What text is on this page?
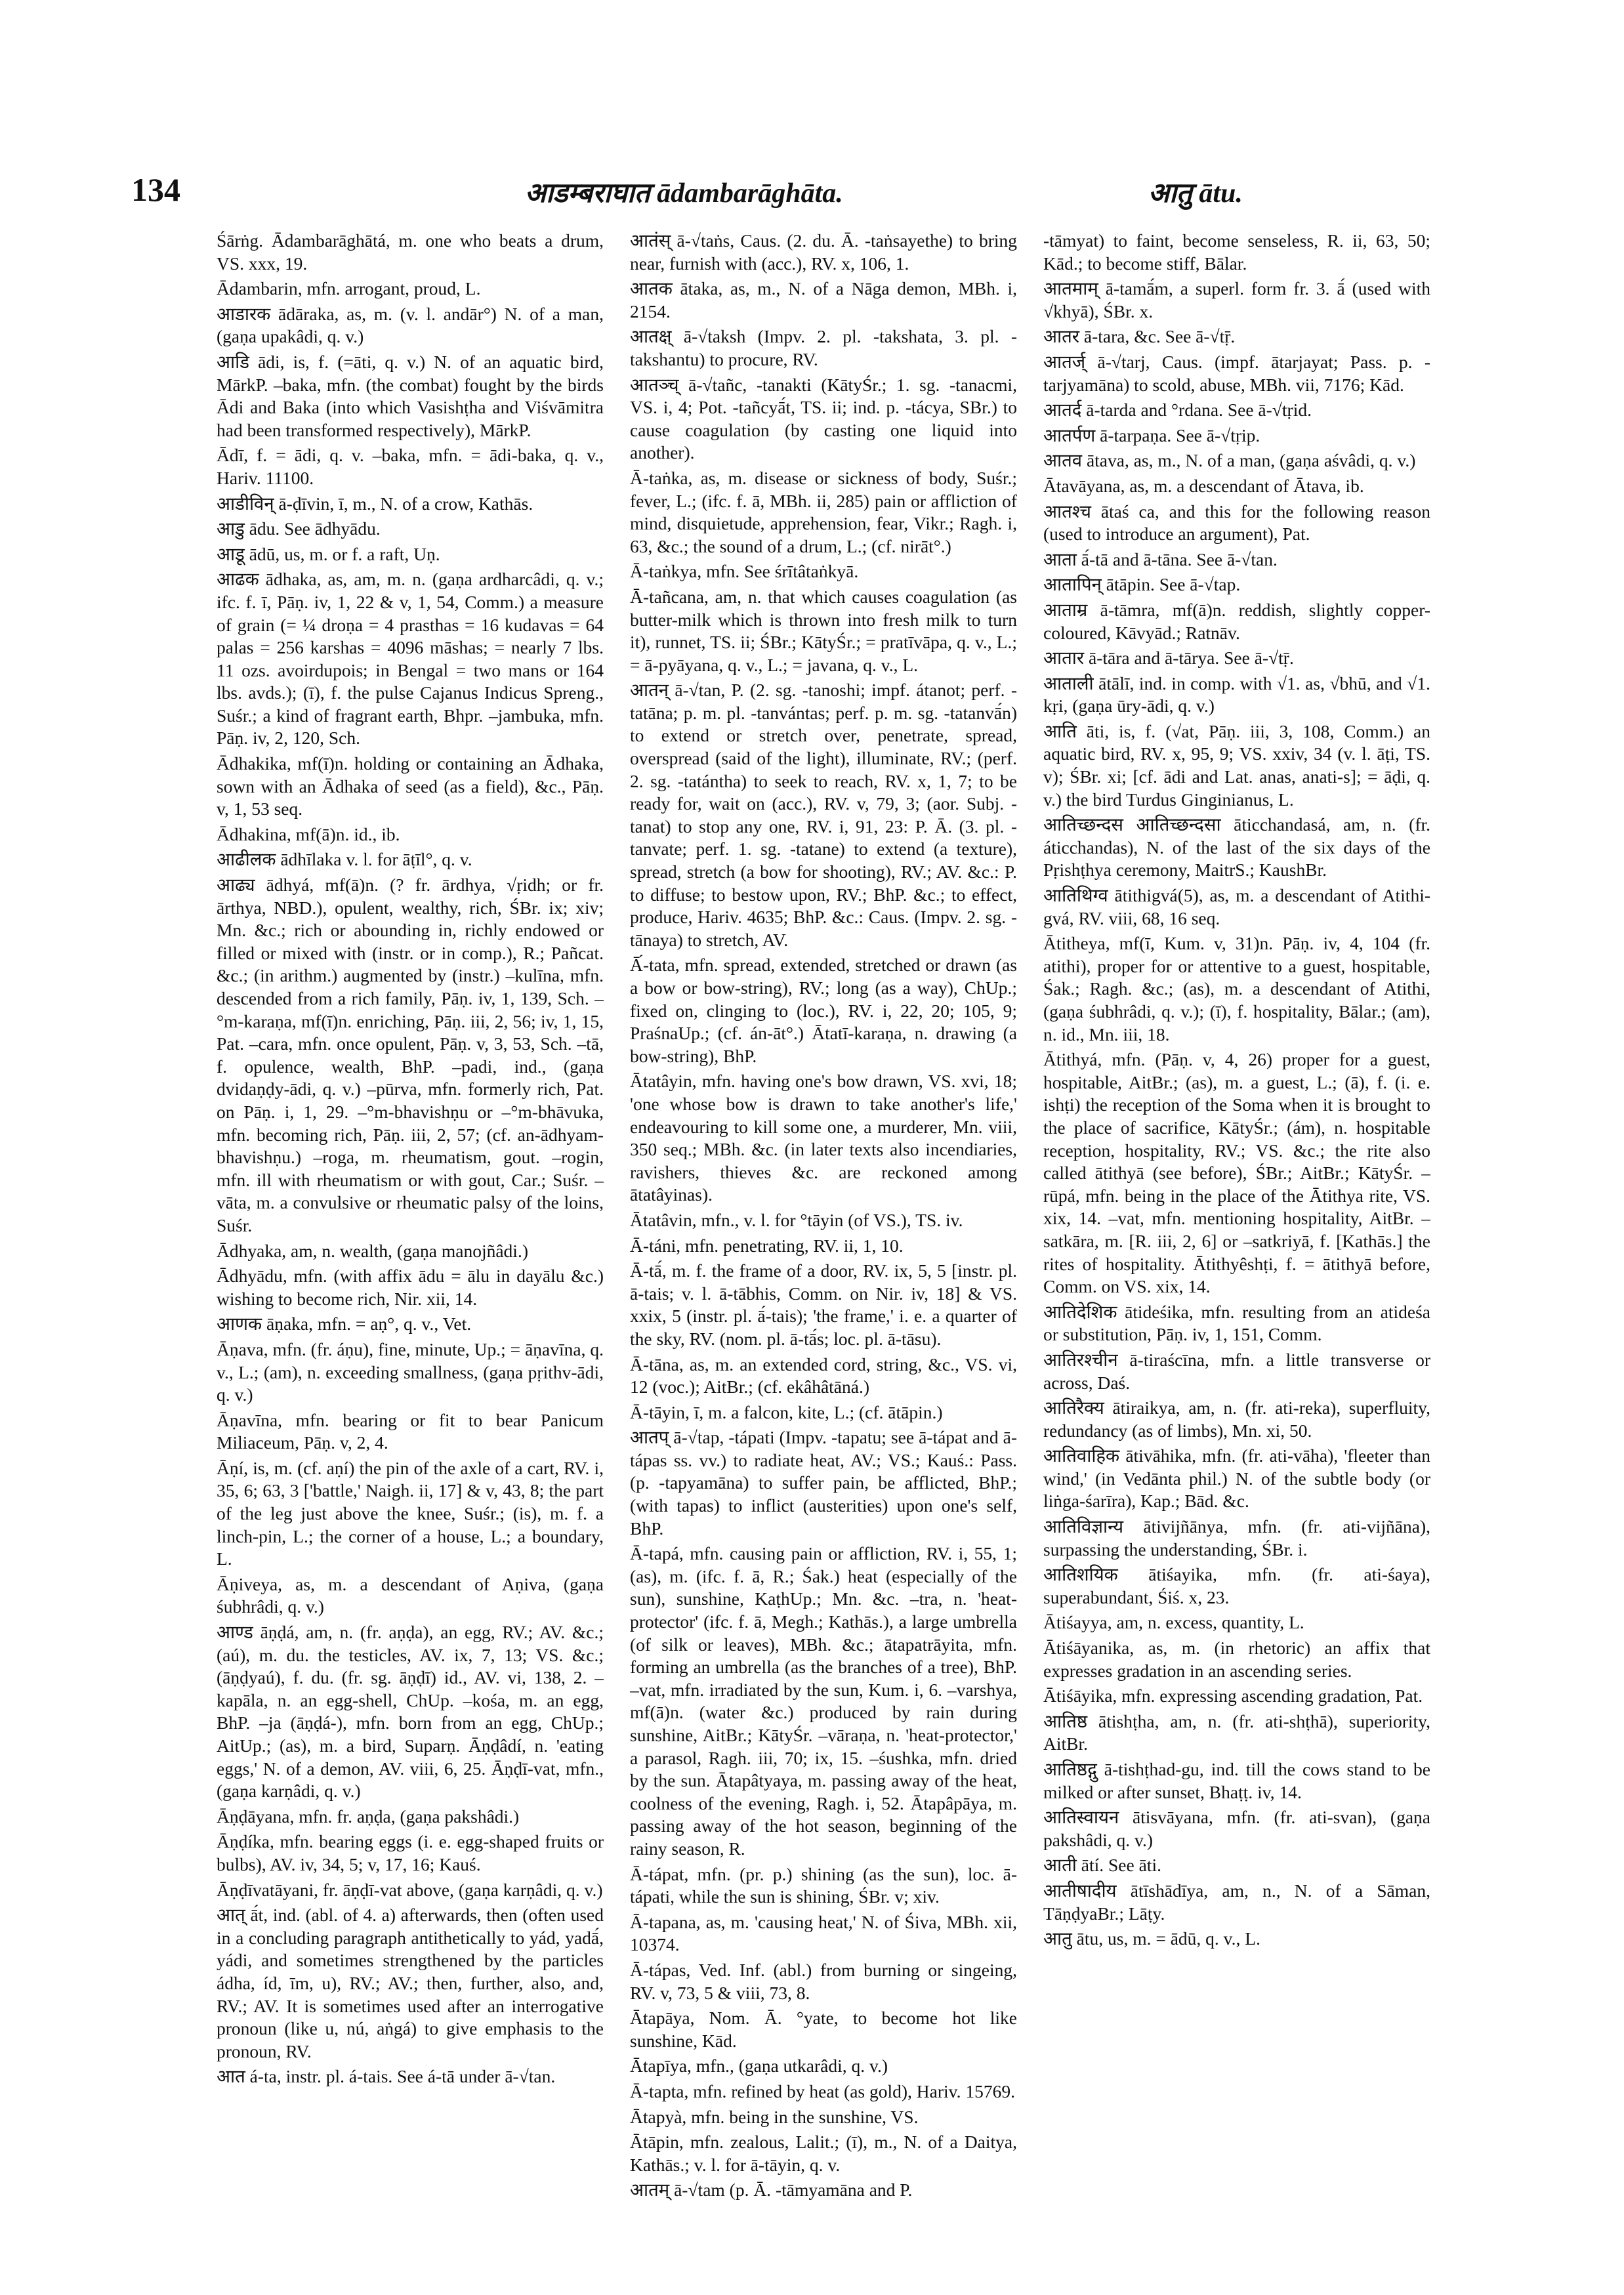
134	आडम्बराघात ādambarāghāta.	आतु ātu.

Śārṅg. Ādambarāghātá, m. one who beats a drum, VS. xxx, 19.

Ādambarin, mfn. arrogant, proud, L.

आडारक ādāraka, as, m. (v. l. andār°) N. of a man, (gaṇa upakâdi, q. v.)

आडि ādi, is, f. (=āti, q. v.) N. of an aquatic bird, MārkP. –baka, mfn. (the combat) fought by the birds Ādi and Baka (into which Vasishṭha and Viśvāmitra had been transformed respectively), MārkP.

Ādī, f. = ādi, q. v. –baka, mfn. = ādi-baka, q. v., Hariv. 11100.

आडीविन् ā-ḍīvin, ī, m., N. of a crow, Kathās.

आडु ādu. See ādhyādu.

आडू ādū, us, m. or f. a raft, Uṇ.

आढक ādhaka, as, am, m. n. (gaṇa ardharcâdi, q. v.; ifc. f. ī, Pāṇ. iv, 1, 22 & v, 1, 54, Comm.) a measure of grain (= ¼ droṇa = 4 prasthas = 16 kudavas = 64 palas = 256 karshas = 4096 māshas; = nearly 7 lbs. 11 ozs. avoirdupois; in Bengal = two mans or 164 lbs. avds.); (ī), f. the pulse Cajanus Indicus Spreng., Suśr.; a kind of fragrant earth, Bhpr. –jambuka, mfn. Pāṇ. iv, 2, 120, Sch.

Ādhakika, mf(ī)n. holding or containing an Ādhaka, sown with an Ādhaka of seed (as a field), &c., Pāṇ. v, 1, 53 seq.

Ādhakina, mf(ā)n. id., ib.

आढीलक ādhīlaka v. l. for āṭīl°, q. v.

आढ्य ādhyá, mf(ā)n. (? fr. ārdhya, √ṛidh; or fr. ārthya, NBD.), opulent, wealthy, rich, ŚBr. ix; xiv; Mn. &c.; rich or abounding in, richly endowed or filled or mixed with (instr. or in comp.), R.; Pañcat. &c.; (in arithm.) augmented by (instr.) –kulīna, mfn. descended from a rich family, Pāṇ. iv, 1, 139, Sch. –°m-karaṇa, mf(ī)n. enriching, Pāṇ. iii, 2, 56; iv, 1, 15, Pat. –cara, mfn. once opulent, Pāṇ. v, 3, 53, Sch. –tā, f. opulence, wealth, BhP. –padi, ind., (gaṇa dvidaṇḍy-ādi, q. v.) –pūrva, mfn. formerly rich, Pat. on Pāṇ. i, 1, 29. –°m-bhavishṇu or –°m-bhāvuka, mfn. becoming rich, Pāṇ. iii, 2, 57; (cf. an-ādhyam-bhavishṇu.) –roga, m. rheumatism, gout. –rogin, mfn. ill with rheumatism or with gout, Car.; Suśr. –vāta, m. a convulsive or rheumatic palsy of the loins, Suśr.

Ādhyaka, am, n. wealth, (gaṇa manojñâdi.)

Ādhyādu, mfn. (with affix ādu = ālu in dayālu &c.) wishing to become rich, Nir. xii, 14.

आणक āṇaka, mfn. = aṇ°, q. v., Vet.

Āṇava, mfn. (fr. áṇu), fine, minute, Up.; = āṇavīna, q. v., L.; (am), n. exceeding smallness, (gaṇa pṛithv-ādi, q. v.)

Āṇavīna, mfn. bearing or fit to bear Panicum Miliaceum, Pāṇ. v, 2, 4.

Āṇí, is, m. (cf. aṇí) the pin of the axle of a cart, RV. i, 35, 6; 63, 3 ['battle,' Naigh. ii, 17] & v, 43, 8; the part of the leg just above the knee, Suśr.; (is), m. f. a linch-pin, L.; the corner of a house, L.; a boundary, L.

Āṇiveya, as, m. a descendant of Aṇiva, (gaṇa śubhrâdi, q. v.)

आण्ड āṇḍá, am, n. (fr. aṇḍa), an egg, RV.; AV. &c.; (aú), m. du. the testicles, AV. ix, 7, 13; VS. &c.; (āṇḍyaú), f. du. (fr. sg. āṇḍī) id., AV. vi, 138, 2. –kapāla, n. an egg-shell, ChUp. –kośa, m. an egg, BhP. –ja (āṇḍá-), mfn. born from an egg, ChUp.; AitUp.; (as), m. a bird, Suparṇ. Āṇḍâdí, n. 'eating eggs,' N. of a demon, AV. viii, 6, 25. Āṇḍī-vat, mfn., (gaṇa karṇâdi, q. v.)

Āṇḍāyana, mfn. fr. aṇḍa, (gaṇa pakshâdi.)

Āṇḍíka, mfn. bearing eggs (i. e. egg-shaped fruits or bulbs), AV. iv, 34, 5; v, 17, 16; Kauś.

Āṇḍīvatāyani, fr. āṇḍī-vat above, (gaṇa karṇâdi, q. v.)

आत् ā́t, ind. (abl. of 4. a) afterwards, then (often used in a concluding paragraph antithetically to yád, yadā́, yádi, and sometimes strengthened by the particles ádha, íd, īm, u), RV.; AV.; then, further, also, and, RV.; AV. It is sometimes used after an interrogative pronoun (like u, nú, aṅgá) to give emphasis to the pronoun, RV.

आत á-ta, instr. pl. á-tais. See á-tā under ā-√tan.

आतंस् ā-√taṅs, Caus. (2. du. Ā. -taṅsayethe) to bring near, furnish with (acc.), RV. x, 106, 1.

आतक ātaka, as, m., N. of a Nāga demon, MBh. i, 2154.

आतक्ष् ā-√taksh (Impv. 2. pl. -takshata, 3. pl. -takshantu) to procure, RV.

आतञ्च् ā-√tañc, -tanakti (KātyŚr.; 1. sg. -tanacmi, VS. i, 4; Pot. -tañcyā́t, TS. ii; ind. p. -tácya, SBr.) to cause coagulation (by casting one liquid into another).

Ā-taṅka, as, m. disease or sickness of body, Suśr.; fever, L.; (ifc. f. ā, MBh. ii, 285) pain or affliction of mind, disquietude, apprehension, fear, Vikr.; Ragh. i, 63, &c.; the sound of a drum, L.; (cf. nirāt°.)

Ā-taṅkya, mfn. See śrītâtaṅkyā.

Ā-tañcana, am, n. that which causes coagulation (as butter-milk which is thrown into fresh milk to turn it), runnet, TS. ii; ŚBr.; KātyŚr.; = pratīvāpa, q. v., L.; = ā-pyāyana, q. v., L.; = javana, q. v., L.

आतन् ā-√tan, P. (2. sg. -tanoshi; impf. átanot; perf. -tatāna; p. m. pl. -tanvántas; perf. p. m. sg. -tatanvā́n) to extend or stretch over, penetrate, spread, overspread (said of the light), illuminate, RV.; (perf. 2. sg. -tatántha) to seek to reach, RV. x, 1, 7; to be ready for, wait on (acc.), RV. v, 79, 3; (aor. Subj. -tanat) to stop any one, RV. i, 91, 23: P. Ā. (3. pl. -tanvate; perf. 1. sg. -tatane) to extend (a texture), spread, stretch (a bow for shooting), RV.; AV. &c.: P. to diffuse; to bestow upon, RV.; BhP. &c.; to effect, produce, Hariv. 4635; BhP. &c.: Caus. (Impv. 2. sg. -tānaya) to stretch, AV.

Ā́-tata, mfn. spread, extended, stretched or drawn (as a bow or bow-string), RV.; long (as a way), ChUp.; fixed on, clinging to (loc.), RV. i, 22, 20; 105, 9; PraśnaUp.; (cf. án-āt°.) Ātatī-karaṇa, n. drawing (a bow-string), BhP.

Ātatâyin, mfn. having one's bow drawn, VS. xvi, 18; 'one whose bow is drawn to take another's life,' endeavouring to kill some one, a murderer, Mn. viii, 350 seq.; MBh. &c. (in later texts also incendiaries, ravishers, thieves &c. are reckoned among ātatâyinas).

Ātatâvin, mfn., v. l. for °tāyin (of VS.), TS. iv.

Ā-táni, mfn. penetrating, RV. ii, 1, 10.

Ā-tā́, m. f. the frame of a door, RV. ix, 5, 5 [instr. pl. ā-tais; v. l. ā-tābhis, Comm. on Nir. iv, 18] & VS. xxix, 5 (instr. pl. ā́-tais); 'the frame,' i. e. a quarter of the sky, RV. (nom. pl. ā-tā́s; loc. pl. ā-tāsu).

Ā-tāna, as, m. an extended cord, string, &c., VS. vi, 12 (voc.); AitBr.; (cf. ekâhâtāná.)

Ā-tāyin, ī, m. a falcon, kite, L.; (cf. ātāpin.)

आतप् ā-√tap, -tápati (Impv. -tapatu; see ā-tápat and ā-tápas ss. vv.) to radiate heat, AV.; VS.; Kauś.: Pass. (p. -tapyamāna) to suffer pain, be afflicted, BhP.; (with tapas) to inflict (austerities) upon one's self, BhP.

Ā-tapá, mfn. causing pain or affliction, RV. i, 55, 1; (as), m. (ifc. f. ā, R.; Śak.) heat (especially of the sun), sunshine, KaṭhUp.; Mn. &c. –tra, n. 'heat-protector' (ifc. f. ā, Megh.; Kathās.), a large umbrella (of silk or leaves), MBh. &c.; ātapatrāyita, mfn. forming an umbrella (as the branches of a tree), BhP. –vat, mfn. irradiated by the sun, Kum. i, 6. –varshya, mf(ā)n. (water &c.) produced by rain during sunshine, AitBr.; KātyŚr. –vāraṇa, n. 'heat-protector,' a parasol, Ragh. iii, 70; ix, 15. –śushka, mfn. dried by the sun. Ātapâtyaya, m. passing away of the heat, coolness of the evening, Ragh. i, 52. Ātapâpāya, m. passing away of the hot season, beginning of the rainy season, R.

Ā-tápat, mfn. (pr. p.) shining (as the sun), loc. ā-tápati, while the sun is shining, ŚBr. v; xiv.

Ā-tapana, as, m. 'causing heat,' N. of Śiva, MBh. xii, 10374.

Ā-tápas, Ved. Inf. (abl.) from burning or singeing, RV. v, 73, 5 & viii, 73, 8.

Ātapāya, Nom. Ā. °yate, to become hot like sunshine, Kād.

Ātapīya, mfn., (gaṇa utkarâdi, q. v.)

Ā-tapta, mfn. refined by heat (as gold), Hariv. 15769.

Ātapyà, mfn. being in the sunshine, VS.

Ātāpin, mfn. zealous, Lalit.; (ī), m., N. of a Daitya, Kathās.; v. l. for ā-tāyin, q. v.

आतम् ā-√tam (p. Ā. -tāmyamāna and P.

-tāmyat) to faint, become senseless, R. ii, 63, 50; Kād.; to become stiff, Bālar.

आतमाम् ā-tamā́m, a superl. form fr. 3. ā́ (used with √khyā), ŚBr. x.

आतर ā-tara, &c. See ā-√tṝ.

आतर्ज् ā-√tarj, Caus. (impf. ātarjayat; Pass. p. -tarjyamāna) to scold, abuse, MBh. vii, 7176; Kād.

आतर्द ā-tarda and °rdana. See ā-√tṛid.

आतर्पण ā-tarpaṇa. See ā-√tṛip.

आतव ātava, as, m., N. of a man, (gaṇa aśvâdi, q. v.)

Ātavāyana, as, m. a descendant of Ātava, ib.

आतश्च ātaś ca, and this for the following reason (used to introduce an argument), Pat.

आता ā́-tā and ā-tāna. See ā-√tan.

आतापिन् ātāpin. See ā-√tap.

आताम्र ā-tāmra, mf(ā)n. reddish, slightly copper-coloured, Kāvyād.; Ratnāv.

आतार ā-tāra and ā-tārya. See ā-√tṝ.

आताली ātālī, ind. in comp. with √1. as, √bhū, and √1. kṛi, (gaṇa ūry-ādi, q. v.)

आति āti, is, f. (√at, Pāṇ. iii, 3, 108, Comm.) an aquatic bird, RV. x, 95, 9; VS. xxiv, 34 (v. l. āṭi, TS. v); ŚBr. xi; [cf. ādi and Lat. anas, anati-s]; = āḍi, q. v.) the bird Turdus Ginginianus, L.

आतिच्छन्दस आतिच्छन्दसा āticchandasá, am, n. (fr. áticchandas), N. of the last of the six days of the Pṛishṭhya ceremony, MaitrS.; KaushBr.

आतिथिग्व ātithigvá(5), as, m. a descendant of Atithi-gvá, RV. viii, 68, 16 seq.

Ātitheya, mf(ī, Kum. v, 31)n. Pāṇ. iv, 4, 104 (fr. atithi), proper for or attentive to a guest, hospitable, Śak.; Ragh. &c.; (as), m. a descendant of Atithi, (gaṇa śubhrâdi, q. v.); (ī), f. hospitality, Bālar.; (am), n. id., Mn. iii, 18.

Ātithyá, mfn. (Pāṇ. v, 4, 26) proper for a guest, hospitable, AitBr.; (as), m. a guest, L.; (ā), f. (i. e. ishṭi) the reception of the Soma when it is brought to the place of sacrifice, KātyŚr.; (ám), n. hospitable reception, hospitality, RV.; VS. &c.; the rite also called ātithyā (see before), ŚBr.; AitBr.; KātyŚr. –rūpá, mfn. being in the place of the Ātithya rite, VS. xix, 14. –vat, mfn. mentioning hospitality, AitBr. –satkāra, m. [R. iii, 2, 6] or –satkriyā, f. [Kathās.] the rites of hospitality. Ātithyêshṭi, f. = ātithyā before, Comm. on VS. xix, 14.

आतिदेशिक ātideśika, mfn. resulting from an atideśa or substitution, Pāṇ. iv, 1, 151, Comm.

आतिरश्चीन ā-tiraścīna, mfn. a little transverse or across, Daś.

आतिरैक्य ātiraikya, am, n. (fr. ati-reka), superfluity, redundancy (as of limbs), Mn. xi, 50.

आतिवाहिक ātivāhika, mfn. (fr. ati-vāha), 'fleeter than wind,' (in Vedānta phil.) N. of the subtle body (or liṅga-śarīra), Kap.; Bād. &c.

आतिविज्ञान्य ātivijñānya, mfn. (fr. ati-vijñāna), surpassing the understanding, ŚBr. i.

आतिशयिक ātiśayika, mfn. (fr. ati-śaya), superabundant, Śiś. x, 23.

Ātiśayya, am, n. excess, quantity, L.

Ātiśāyanika, as, m. (in rhetoric) an affix that expresses gradation in an ascending series.

Ātiśāyika, mfn. expressing ascending gradation, Pat.

आतिष्ठ ātishṭha, am, n. (fr. ati-shṭhā), superiority, AitBr.

आतिष्ठद्गु ā-tishṭhad-gu, ind. till the cows stand to be milked or after sunset, Bhaṭṭ. iv, 14.

आतिस्वायन ātisvāyana, mfn. (fr. ati-svan), (gaṇa pakshâdi, q. v.)

आती ātí. See āti.

आतीषादीय ātīshādīya, am, n., N. of a Sāman, TāṇḍyaBr.; Lāṭy.

आतु ātu, us, m. = ādū, q. v., L.
